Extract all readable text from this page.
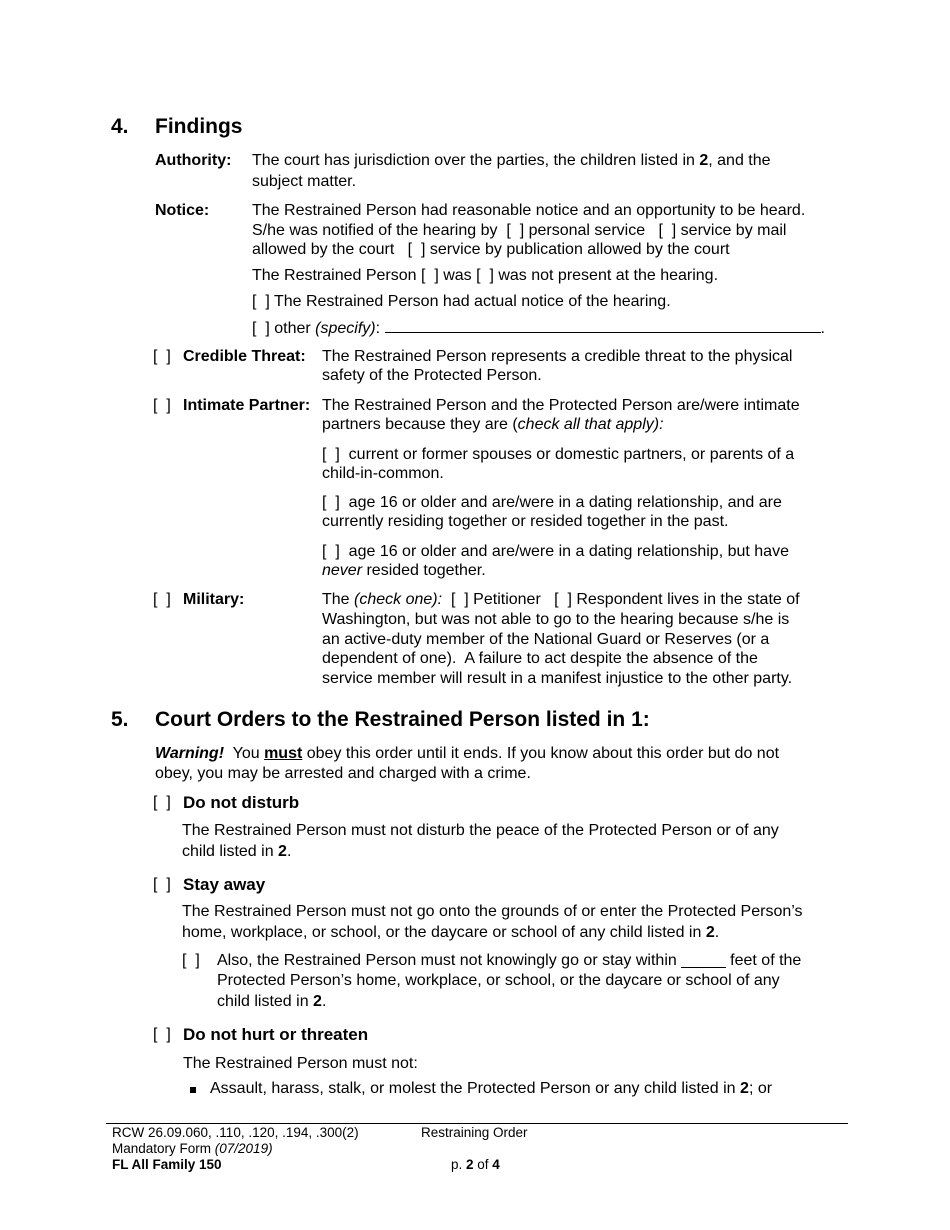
4. Findings
Authority: The court has jurisdiction over the parties, the children listed in 2, and the
subject matter.
Notice:	The Restrained Person had reasonable notice and an opportunity to be heard.
S/he was notified of the hearing by  [  ] personal service   [  ] service by mail
allowed by the court   [  ] service by publication allowed by the court
The Restrained Person [  ] was [  ] was not present at the hearing.
[  ] The Restrained Person had actual notice of the hearing.
[  ] other (specify):	.
[  ] Credible Threat: The Restrained Person represents a credible threat to the physical
safety of the Protected Person.
[  ] Intimate Partner: The Restrained Person and the Protected Person are/were intimate
partners because they are (check all that apply):
[  ]  current or former spouses or domestic partners, or parents of a
child-in-common.
[  ]  age 16 or older and are/were in a dating relationship, and are
currently residing together or resided together in the past.
[  ]  age 16 or older and are/were in a dating relationship, but have
never resided together.
[  ] Military:	The (check one):  [  ] Petitioner   [  ] Respondent lives in the state of
Washington, but was not able to go to the hearing because s/he is
an active-duty member of the National Guard or Reserves (or a
dependent of one).  A failure to act despite the absence of the
service member will result in a manifest injustice to the other party.
5. Court Orders to the Restrained Person listed in 1:
Warning!  You must obey this order until it ends. If you know about this order but do not
obey, you may be arrested and charged with a crime.
[  ] Do not disturb
The Restrained Person must not disturb the peace of the Protected Person or of any
child listed in 2.
[  ] Stay away
The Restrained Person must not go onto the grounds of or enter the Protected Person’s
home, workplace, or school, or the daycare or school of any child listed in 2.
[  ] Also, the Restrained Person must not knowingly go or stay within _____ feet of the
Protected Person’s home, workplace, or school, or the daycare or school of any
child listed in 2.
[  ] Do not hurt or threaten
The Restrained Person must not:
Assault, harass, stalk, or molest the Protected Person or any child listed in 2; or
RCW 26.09.060, .110, .120, .194, .300(2)
Mandatory Form (07/2019)
FL All Family 150
Restraining Order
p. 2 of 4
